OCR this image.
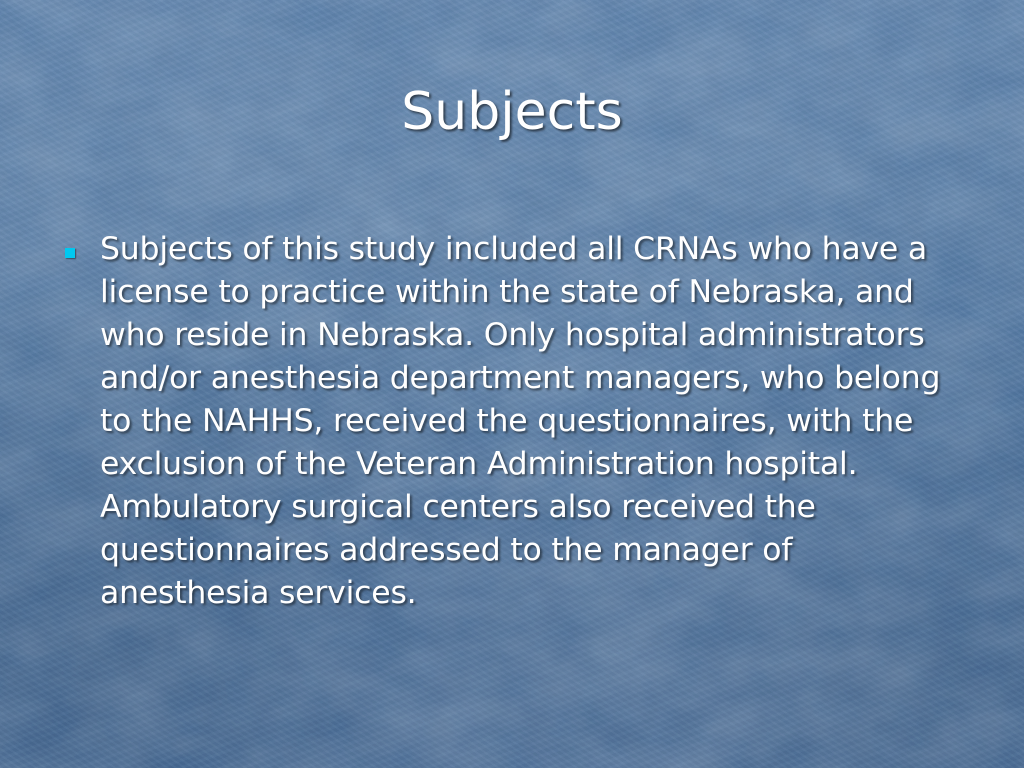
Subjects
Subjects of this study included all CRNAs who have a license to practice within the state of Nebraska, and who reside in Nebraska. Only hospital administrators and/or anesthesia department managers, who belong to the NAHHS, received the questionnaires, with the exclusion of the Veteran Administration hospital. Ambulatory surgical centers also received the questionnaires addressed to the manager of anesthesia services.
